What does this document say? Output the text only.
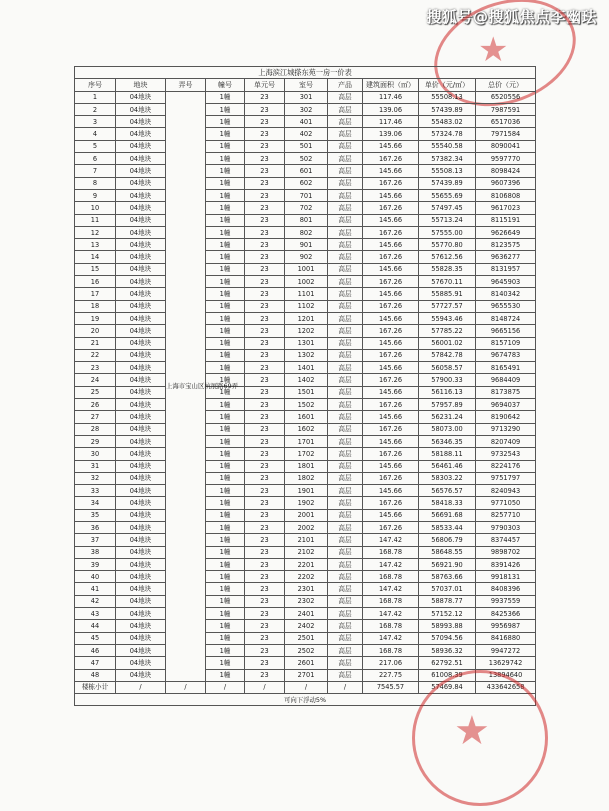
搜狐号@搜狐焦点李幽珐
★
上海滨江城搽东苑一房一价表									
序号	地块	弄号	幢号	单元号	室号	产品	建筑面积（㎡）	单价（元/㎡）	总价（元）
1	04地块	上海市宝山区杭展路69弄	1幢	23	301	高层	117.46	55508.13	6520556
2	04地块		1幢	23	302	高层	139.06	57439.89	7987591
3	04地块		1幢	23	401	高层	117.46	55483.02	6517036
4	04地块		1幢	23	402	高层	139.06	57324.78	7971584
5	04地块		1幢	23	501	高层	145.66	55540.58	8090041
6	04地块		1幢	23	502	高层	167.26	57382.34	9597770
7	04地块		1幢	23	601	高层	145.66	55508.13	8098424
8	04地块		1幢	23	602	高层	167.26	57439.89	9607396
9	04地块		1幢	23	701	高层	145.66	55655.69	8106808
10	04地块		1幢	23	702	高层	167.26	57497.45	9617023
11	04地块		1幢	23	801	高层	145.66	55713.24	8115191
12	04地块		1幢	23	802	高层	167.26	57555.00	9626649
13	04地块		1幢	23	901	高层	145.66	55770.80	8123575
14	04地块		1幢	23	902	高层	167.26	57612.56	9636277
15	04地块		1幢	23	1001	高层	145.66	55828.35	8131957
16	04地块		1幢	23	1002	高层	167.26	57670.11	9645903
17	04地块		1幢	23	1101	高层	145.66	55885.91	8140342
18	04地块		1幢	23	1102	高层	167.26	57727.57	9655530
19	04地块		1幢	23	1201	高层	145.66	55943.46	8148724
20	04地块		1幢	23	1202	高层	167.26	57785.22	9665156
21	04地块		1幢	23	1301	高层	145.66	56001.02	8157109
22	04地块		1幢	23	1302	高层	167.26	57842.78	9674783
23	04地块		1幢	23	1401	高层	145.66	56058.57	8165491
24	04地块		1幢	23	1402	高层	167.26	57900.33	9684409
25	04地块		1幢	23	1501	高层	145.66	56116.13	8173875
26	04地块		1幢	23	1502	高层	167.26	57957.89	9694037
27	04地块		1幢	23	1601	高层	145.66	56231.24	8190642
28	04地块		1幢	23	1602	高层	167.26	58073.00	9713290
29	04地块		1幢	23	1701	高层	145.66	56346.35	8207409
30	04地块		1幢	23	1702	高层	167.26	58188.11	9732543
31	04地块		1幢	23	1801	高层	145.66	56461.46	8224176
32	04地块		1幢	23	1802	高层	167.26	58303.22	9751797
33	04地块		1幢	23	1901	高层	145.66	56576.57	8240943
34	04地块		1幢	23	1902	高层	167.26	58418.33	9771050
35	04地块		1幢	23	2001	高层	145.66	56691.68	8257710
36	04地块		1幢	23	2002	高层	167.26	58533.44	9790303
37	04地块		1幢	23	2101	高层	147.42	56806.79	8374457
38	04地块		1幢	23	2102	高层	168.78	58648.55	9898702
39	04地块		1幢	23	2201	高层	147.42	56921.90	8391426
40	04地块		1幢	23	2202	高层	168.78	58763.66	9918131
41	04地块		1幢	23	2301	高层	147.42	57037.01	8408396
42	04地块		1幢	23	2302	高层	168.78	58878.77	9937559
43	04地块		1幢	23	2401	高层	147.42	57152.12	8425366
44	04地块		1幢	23	2402	高层	168.78	58993.88	9956987
45	04地块		1幢	23	2501	高层	147.42	57094.56	8416880
46	04地块		1幢	23	2502	高层	168.78	58936.32	9947272
47	04地块		1幢	23	2601	高层	217.06	62792.51	13629742
48	04地块		1幢	23	2701	高层	227.75	61008.39	13894640
楼栋小计	/	/	/	/	/	/	7545.57	57469.84	433642658
可向下浮动5%									
★
